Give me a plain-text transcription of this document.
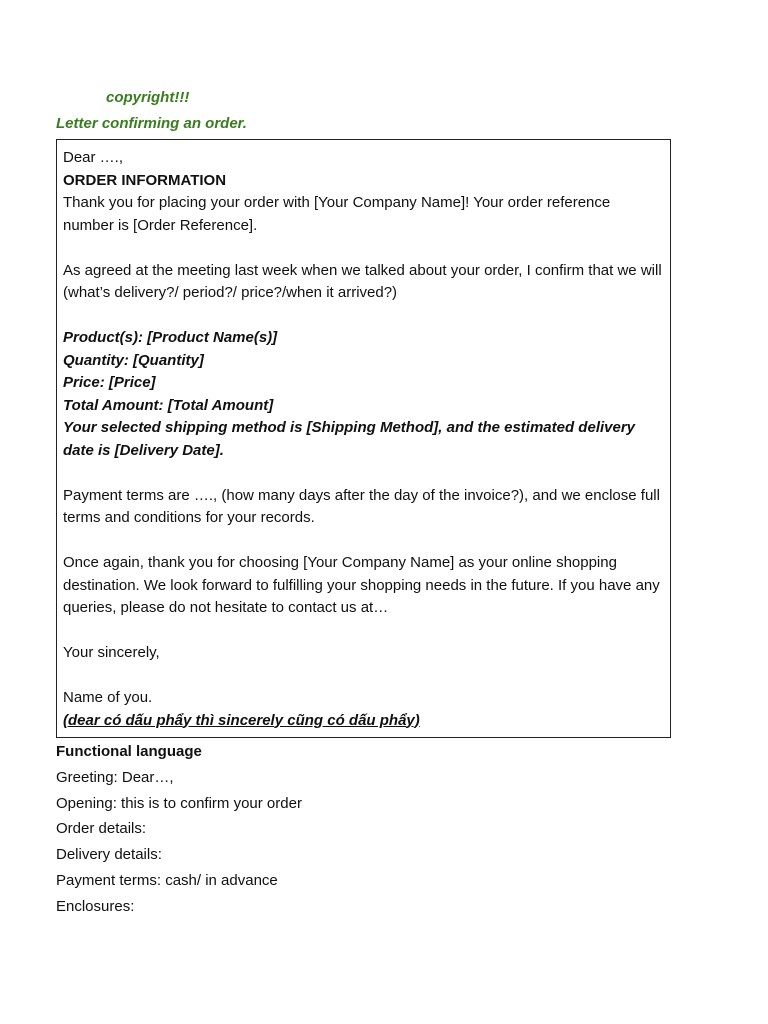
copyright!!!
Letter confirming an order.

Dear ….,

ORDER INFORMATION

Thank you for placing your order with [Your Company Name]! Your order reference number is [Order Reference].

As agreed at the meeting last week when we talked about your order, I confirm that we will (what’s delivery?/ period?/ price?/when it arrived?)

Product(s): [Product Name(s)]

Quantity: [Quantity]

Price: [Price]

Total Amount: [Total Amount]

Your selected shipping method is [Shipping Method], and the estimated delivery date is [Delivery Date].

Payment terms are …., (how many days after the day of the invoice?), and we enclose full terms and conditions for your records.

Once again, thank you for choosing [Your Company Name] as your online shopping destination. We look forward to fulfilling your shopping needs in the future. If you have any queries, please do not hesitate to contact us at…

Your sincerely,

Name of you.

(dear có dấu phẩy thì sincerely cũng có dấu phẩy)

Functional language

Greeting: Dear…,

Opening: this is to confirm your order

Order details:

Delivery details:

Payment terms: cash/ in advance

Enclosures:
